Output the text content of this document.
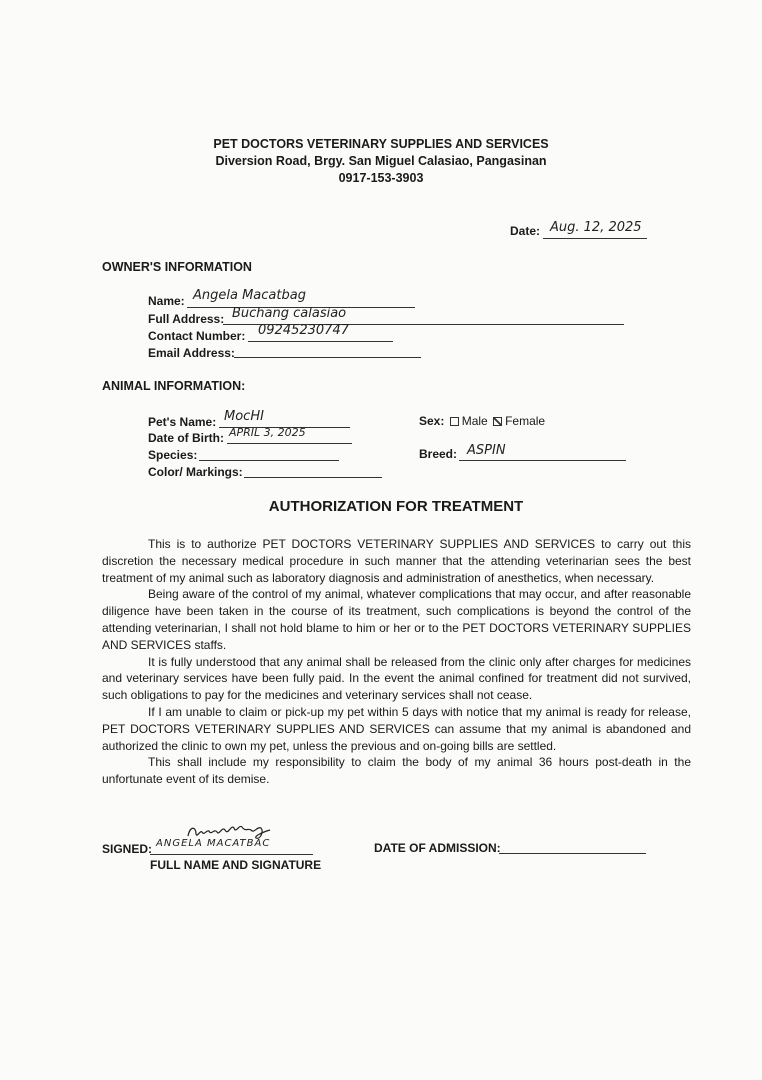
PET DOCTORS VETERINARY SUPPLIES AND SERVICES
Diversion Road, Brgy. San Miguel Calasiao, Pangasinan
0917-153-3903
Date: Aug. 12, 2025
OWNER'S INFORMATION
Name: Angela Macatbag
Full Address: Buchang calasiao
Contact Number: 09245230747
Email Address:
ANIMAL INFORMATION:
Pet's Name: MocHI
Date of Birth: APRIL 3, 2025
Species:
Color/ Markings:
Sex: Male Female
Breed: ASPIN
AUTHORIZATION FOR TREATMENT

This is to authorize PET DOCTORS VETERINARY SUPPLIES AND SERVICES to carry out this discretion the necessary medical procedure in such manner that the attending veterinarian sees the best treatment of my animal such as laboratory diagnosis and administration of anesthetics, when necessary.

Being aware of the control of my animal, whatever complications that may occur, and after reasonable diligence have been taken in the course of its treatment, such complications is beyond the control of the attending veterinarian, I shall not hold blame to him or her or to the PET DOCTORS VETERINARY SUPPLIES AND SERVICES staffs.

It is fully understood that any animal shall be released from the clinic only after charges for medicines and veterinary services have been fully paid. In the event the animal confined for treatment did not survived, such obligations to pay for the medicines and veterinary services shall not cease.

If I am unable to claim or pick-up my pet within 5 days with notice that my animal is ready for release, PET DOCTORS VETERINARY SUPPLIES AND SERVICES can assume that my animal is abandoned and authorized the clinic to own my pet, unless the previous and on-going bills are settled.

This shall include my responsibility to claim the body of my animal 36 hours post-death in the unfortunate event of its demise.

SIGNED: ANGELA MACATBAC
FULL NAME AND SIGNATURE
DATE OF ADMISSION:
